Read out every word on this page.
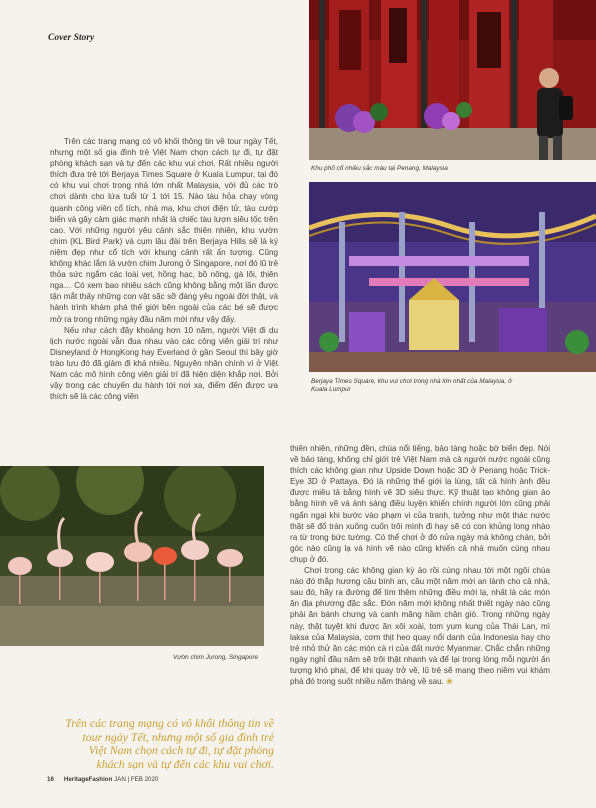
Cover Story
Khu phố cổ nhiều sắc màu tại Penang, Malaysia
Berjaya Times Square, khu vui chơi trong nhà lớn nhất của Malaysia, ở Kuala Lumpur
Vườn chim Jurong, Singapore

Trên các trang mạng có vô khối thông tin về tour ngày Tết, nhưng một số gia đình trẻ Việt Nam chọn cách tự đi, tự đặt phòng khách sạn và tự đến các khu vui chơi. Rất nhiều người thích đưa trẻ tới Berjaya Times Square ở Kuala Lumpur, tại đó có khu vui chơi trong nhà lớn nhất Malaysia, với đủ các trò chơi dành cho lứa tuổi từ 1 tới 15. Nào tàu hỏa chạy vòng quanh công viên cổ tích, nhà ma, khu chơi điện tử, tàu cướp biển và gây cảm giác mạnh nhất là chiếc tàu lượn siêu tốc trên cao. Với những người yêu cảnh sắc thiên nhiên, khu vườn chim (KL Bird Park) và cụm lâu đài trên Berjaya Hills sẽ là ký niệm đẹp như cổ tích với khung cảnh rất ấn tượng. Cũng không khác lắm là vườn chim Jurong ở Singapore, nơi đó lũ trẻ thỏa sức ngắm các loài vẹt, hồng hạc, bồ nông, gà lôi, thiên nga… Có xem bao nhiêu sách cũng không bằng một lần được tận mắt thấy những con vật sặc sỡ đáng yêu ngoài đời thật, và hành trình khám phá thế giới bên ngoài của các bé sẽ được mở ra trong những ngày đầu năm mới như vậy đấy.

Nếu như cách đây khoảng hơn 10 năm, người Việt đi du lịch nước ngoài vẫn đua nhau vào các công viên giải trí như Disneyland ở HongKong hay Everland ở gần Seoul thì bây giờ trào lưu đó đã giảm đi khá nhiều. Nguyên nhân chính vì ở Việt Nam các mô hình công viên giải trí đã hiện diện khắp nơi. Bởi vậy trong các chuyến du hành tới nơi xa, điểm đến được ưa thích sẽ là các công viên

thiên nhiên, những đền, chùa nổi tiếng, bảo tàng hoặc bờ biển đẹp. Nói về bảo tàng, không chỉ giới trẻ Việt Nam mà cả người nước ngoài cũng thích các không gian như Upside Down hoặc 3D ở Penang hoặc Trick-Eye 3D ở Pattaya. Đó là những thế giới lạ lùng, tất cả hình ảnh đều được miêu tả bằng hình vẽ 3D siêu thực. Kỹ thuật tạo không gian ảo bằng hình vẽ và ánh sáng điều luyện khiến chính người lớn cũng phải ngẩn ngại khi bước vào phạm vi của tranh, tưởng như một thác nước thật sẽ đổ tràn xuống cuốn trôi mình đi hay sẽ có con khủng long nhào ra từ trong bức tường. Có thể chơi ở đó nửa ngày mà không chán, bởi góc nào cũng lạ và hình vẽ nào cũng khiến cả nhà muốn cùng nhau chụp ở đó.

Chơi trong các không gian kỳ ảo rồi cùng nhau tới một ngôi chùa nào đó thắp hương cầu bình an, cầu một năm mới an lành cho cả nhà, sau đó, hãy ra đường để tìm thêm những điều mới lạ, nhất là các món ăn địa phương đặc sắc. Đón năm mới không nhất thiết ngày nào cũng phải ăn bánh chưng và canh măng hầm chân giò. Trong những ngày này, thật tuyệt khi được ăn xôi xoài, tom yum kung của Thái Lan, mì laksa của Malaysia, cơm thịt heo quay nổi danh của Indonesia hay cho trẻ nhỏ thử ăn các món cà ri của đất nước Myanmar. Chắc chắn những ngày nghỉ đầu năm sẽ trôi thật nhanh và để lại trong lòng mỗi người ấn tượng khó phai, để khi quay trở về, lũ trẻ sẽ mang theo niềm vui khám phá đó trong suốt nhiều năm tháng về sau. ❀

Trên các trang mạng có vô khối thông tin về tour ngày Tết, nhưng một số gia đình trẻ Việt Nam chọn cách tự đi, tự đặt phòng khách sạn và tự đến các khu vui chơi.
16 HeritageFashion JAN | FEB 2020
